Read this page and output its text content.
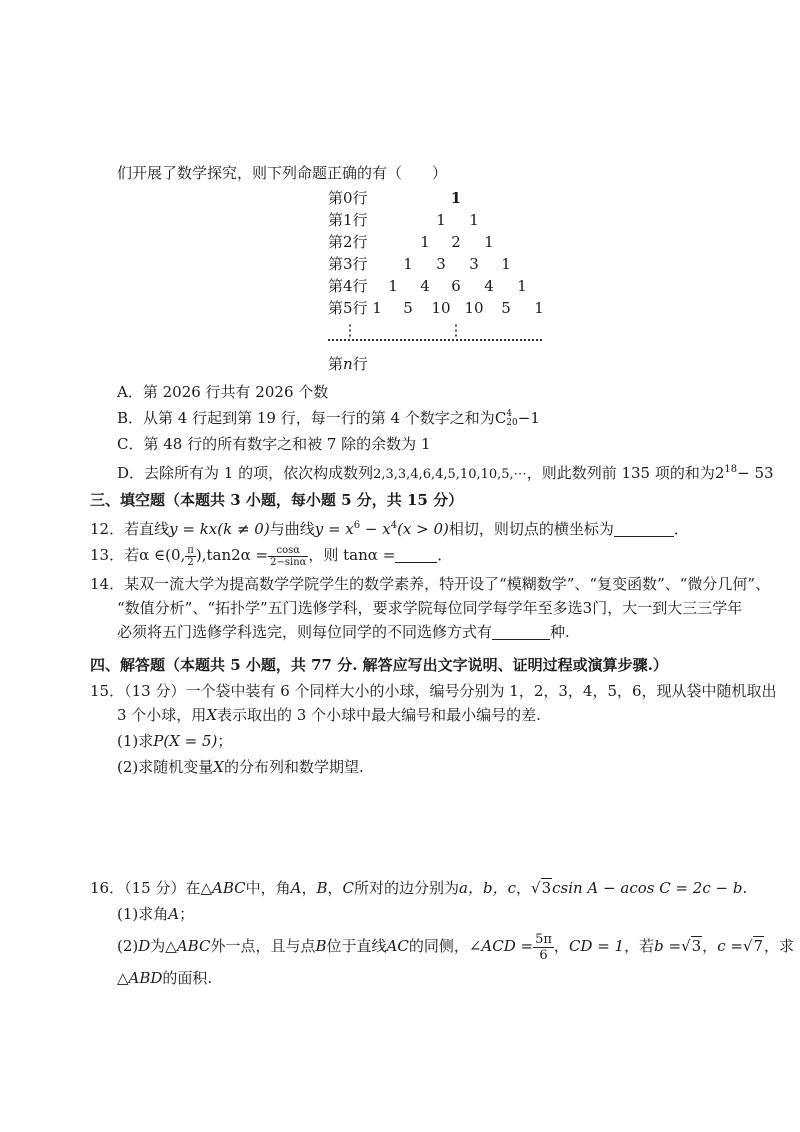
们开展了数学探究，则下列命题正确的有（　　）
第0行	1
第1行	1	1
第2行	1	2	1
第3行	1	3	3	1
第4行	1	4	6	4	1
第5行 1	5	10 10	5	1
⋮	⋮
第n行
A．第 2026 行共有 2026 个数
B．从第 4 行起到第 19 行，每一行的第 4 个数字之和为C 4
20 −1
C．第 48 行的所有数字之和被 7 除的余数为 1
D．去除所有为 1 的项，依次构成数列2,3,3,4,6,4,5,10,10,5,⋯，则此数列前 135 项的和为$2^{18}- 53$
三、填空题（本题共 3 小题，每小题 5 分，共 15 分）
12．若直线y = kx(k ≠ 0)与曲线$y = x^6 - x^4(x > 0)$相切，则切点的横坐标为	．
13．若α ∈(0, $\frac{\pi}{2} ),\tan 2\alpha = \frac{\cos\alpha}{2-\sin\alpha}$ ，则 tanα =	．
14．某双一流大学为提高数学学院学生的数学素养，特开设了“模糊数学”、“复变函数”、“微分几何”、
“数值分析”、“拓扑学”五门选修学科，要求学院每位同学每学年至多选3门，大一到大三三学年
必须将五门选修学科选完，则每位同学的不同选修方式有	种.
四、解答题（本题共 5 小题，共 77 分. 解答应写出文字说明、证明过程或演算步骤.）
15．（13 分）一个袋中装有 6 个同样大小的小球，编号分别为 1，2，3，4，5，6，现从袋中随机取出
3 个小球，用X表示取出的 3 个小球中最大编号和最小编号的差.
(1)求P(X = 5)；
(2)求随机变量X的分布列和数学期望.
16．（15 分）在△ABC中，角A，B，C所对的边分别为a，b，c，√3csin A − acos C = 2c − b.
(1)求角A；
(2)D为△ABC外一点，且与点B位于直线AC的同侧，∠ACD = $\frac{5\pi}{6}$ ，CD = 1，若b =√3，c =√7，求
△ABD的面积.
